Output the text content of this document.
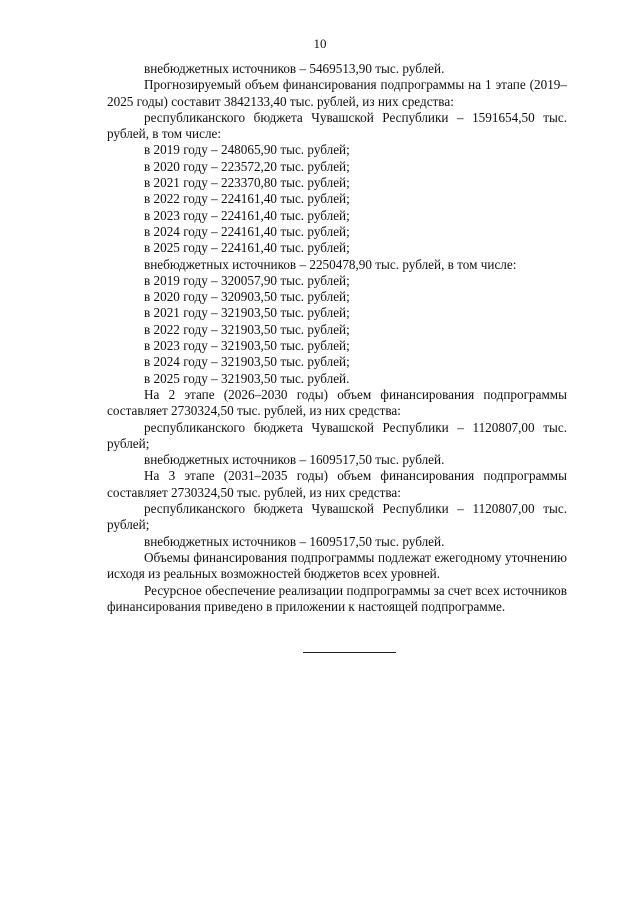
10

внебюджетных источников – 5469513,90 тыс. рублей.

Прогнозируемый объем финансирования подпрограммы на 1 этапе (2019–2025 годы) составит 3842133,40 тыс. рублей, из них средства:

республиканского бюджета Чувашской Республики – 1591654,50 тыс. рублей, в том числе:

в 2019 году – 248065,90 тыс. рублей;

в 2020 году – 223572,20 тыс. рублей;

в 2021 году – 223370,80 тыс. рублей;

в 2022 году – 224161,40 тыс. рублей;

в 2023 году – 224161,40 тыс. рублей;

в 2024 году – 224161,40 тыс. рублей;

в 2025 году – 224161,40 тыс. рублей;

внебюджетных источников – 2250478,90 тыс. рублей, в том числе:

в 2019 году – 320057,90 тыс. рублей;

в 2020 году – 320903,50 тыс. рублей;

в 2021 году – 321903,50 тыс. рублей;

в 2022 году – 321903,50 тыс. рублей;

в 2023 году – 321903,50 тыс. рублей;

в 2024 году – 321903,50 тыс. рублей;

в 2025 году – 321903,50 тыс. рублей.

На 2 этапе (2026–2030 годы) объем финансирования подпрограммы составляет 2730324,50 тыс. рублей, из них средства:

республиканского бюджета Чувашской Республики – 1120807,00 тыс. рублей;

внебюджетных источников – 1609517,50 тыс. рублей.

На 3 этапе (2031–2035 годы) объем финансирования подпрограммы составляет 2730324,50 тыс. рублей, из них средства:

республиканского бюджета Чувашской Республики – 1120807,00 тыс. рублей;

внебюджетных источников – 1609517,50 тыс. рублей.

Объемы финансирования подпрограммы подлежат ежегодному уточнению исходя из реальных возможностей бюджетов всех уровней.

Ресурсное обеспечение реализации подпрограммы за счет всех источников финансирования приведено в приложении к настоящей подпрограмме.
